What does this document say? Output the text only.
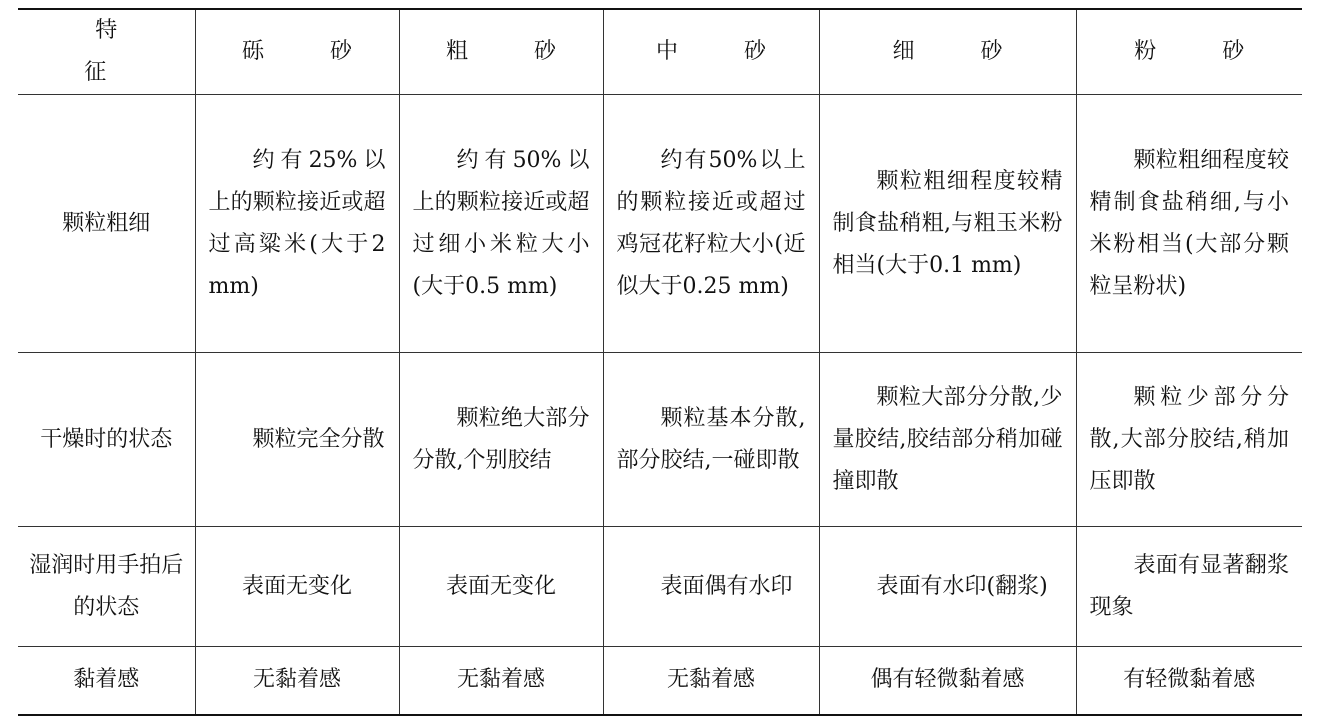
特　征	砾　砂	粗　砂	中　砂	细　砂	粉　砂
颗粒粗细	约有25%以上的颗粒接近或超过高粱米(大于2 mm)	约有50%以上的颗粒接近或超过细小米粒大小(大于0.5 mm)	约有50%以上的颗粒接近或超过鸡冠花籽粒大小(近似大于0.25 mm)	颗粒粗细程度较精制食盐稍粗,与粗玉米粉相当(大于0.1 mm)	颗粒粗细程度较精制食盐稍细,与小米粉相当(大部分颗粒呈粉状)

干燥时的状态	颗粒完全分散	颗粒绝大部分分散,个别胶结	颗粒基本分散,部分胶结,一碰即散	颗粒大部分分散,少量胶结,胶结部分稍加碰撞即散	颗粒少部分分散,大部分胶结,稍加压即散

湿润时用手拍后的状态	表面无变化	表面无变化	表面偶有水印	表面有水印(翻浆)	表面有显著翻浆现象

黏着感	无黏着感	无黏着感	无黏着感	偶有轻微黏着感	有轻微黏着感
